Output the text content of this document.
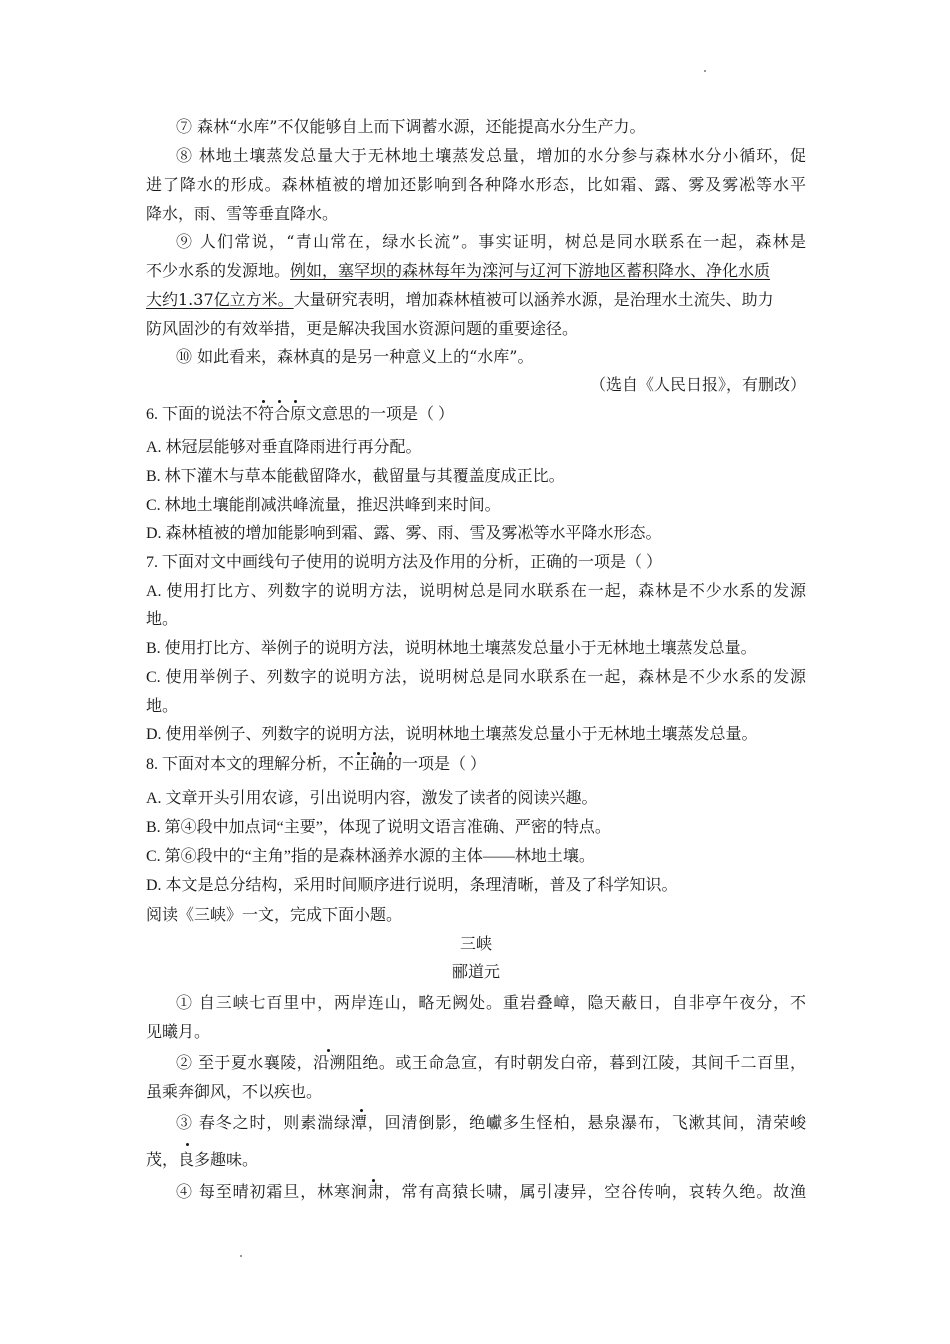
⑦ 森林“水库”不仅能够自上而下调蓄水源，还能提高水分生产力。
⑧ 林地土壤蒸发总量大于无林地土壤蒸发总量，增加的水分参与森林水分小循环，促
进了降水的形成。森林植被的增加还影响到各种降水形态，比如霜、露、雾及雾凇等水平
降水，雨、雪等垂直降水。
⑨ 人们常说，“青山常在，绿水长流”。事实证明，树总是同水联系在一起，森林是
不少水系的发源地。例如，塞罕坝的森林每年为滦河与辽河下游地区蓄积降水、净化水质
大约1.37亿立方米。大量研究表明，增加森林植被可以涵养水源，是治理水土流失、助力
防风固沙的有效举措，更是解决我国水资源问题的重要途径。
⑩ 如此看来，森林真的是另一种意义上的“水库”。
（选自《人民日报》，有删改）
6. 下面的说法不符合原文意思的一项是（ ）
A. 林冠层能够对垂直降雨进行再分配。
B. 林下灌木与草本能截留降水，截留量与其覆盖度成正比。
C. 林地土壤能削减洪峰流量，推迟洪峰到来时间。
D. 森林植被的增加能影响到霜、露、雾、雨、雪及雾凇等水平降水形态。
7. 下面对文中画线句子使用的说明方法及作用的分析，正确的一项是（ ）
A. 使用打比方、列数字的说明方法，说明树总是同水联系在一起，森林是不少水系的发源
地。
B. 使用打比方、举例子的说明方法，说明林地土壤蒸发总量小于无林地土壤蒸发总量。
C. 使用举例子、列数字的说明方法，说明树总是同水联系在一起，森林是不少水系的发源
地。
D. 使用举例子、列数字的说明方法，说明林地土壤蒸发总量小于无林地土壤蒸发总量。
8. 下面对本文的理解分析，不正确的一项是（ ）
A. 文章开头引用农谚，引出说明内容，激发了读者的阅读兴趣。
B. 第④段中加点词“主要”，体现了说明文语言准确、严密的特点。
C. 第⑥段中的“主角”指的是森林涵养水源的主体——林地土壤。
D. 本文是总分结构，采用时间顺序进行说明，条理清晰，普及了科学知识。
阅读《三峡》一文，完成下面小题。
三峡
郦道元
① 自三峡七百里中，两岸连山，略无阙处。重岩叠嶂，隐天蔽日，自非亭午夜分，不
见曦月。
② 至于夏水襄陵，沿溯阻绝。或王命急宣，有时朝发白帝，暮到江陵，其间千二百里，
虽乘奔御风，不以疾也。
③ 春冬之时，则素湍绿潭，回清倒影，绝巘多生怪柏，悬泉瀑布，飞漱其间，清荣峻
茂，良多趣味。
④ 每至晴初霜旦，林寒涧肃，常有高猿长啸，属引凄异，空谷传响，哀转久绝。故渔
